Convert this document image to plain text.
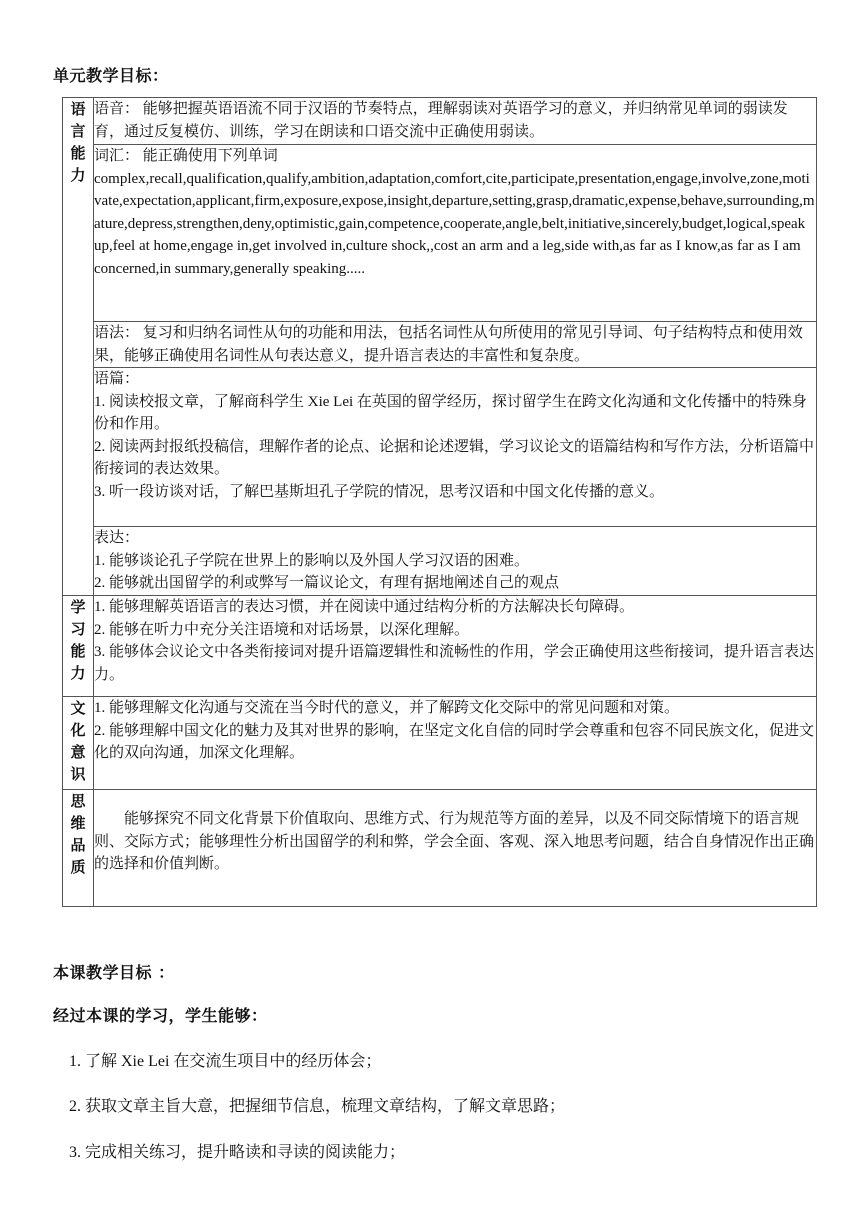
单元教学目标：
语
言
能
力	语音： 能够把握英语语流不同于汉语的节奏特点，理解弱读对英语学习的意义，并归纳常见单词的弱读发育，通过反复模仿、训练，学习在朗读和口语交流中正确使用弱读。

	词汇： 能正确使用下列单词
complex,recall,qualification,qualify,ambition,adaptation,comfort,cite,participate,presentation,engage,involve,zone,motivate,expectation,applicant,firm,exposure,expose,insight,departure,setting,grasp,dramatic,expense,behave,surrounding,mature,depress,strengthen,deny,optimistic,gain,competence,cooperate,angle,belt,initiative,sincerely,budget,logical,speak up,feel at home,engage in,get involved in,culture shock,,cost an arm and a leg,side with,as far as I know,as far as I am concerned,in summary,generally speaking.....

	语法： 复习和归纳名词性从句的功能和用法，包括名词性从句所使用的常见引导词、句子结构特点和使用效果，能够正确使用名词性从句表达意义，提升语言表达的丰富性和复杂度。

	语篇：
1. 阅读校报文章，了解商科学生 Xie Lei 在英国的留学经历，探讨留学生在跨文化沟通和文化传播中的特殊身份和作用。
2. 阅读两封报纸投稿信，理解作者的论点、论据和论述逻辑，学习议论文的语篇结构和写作方法，分析语篇中衔接词的表达效果。
3. 听一段访谈对话，了解巴基斯坦孔子学院的情况，思考汉语和中国文化传播的意义。

	表达：
1. 能够谈论孔子学院在世界上的影响以及外国人学习汉语的困难。
2. 能够就出国留学的利或弊写一篇议论文，有理有据地阐述自己的观点

学
习
能
力	1. 能够理解英语语言的表达习惯，并在阅读中通过结构分析的方法解决长句障碍。
2. 能够在听力中充分关注语境和对话场景，以深化理解。
3. 能够体会议论文中各类衔接词对提升语篇逻辑性和流畅性的作用，学会正确使用这些衔接词，提升语言表达力。

文
化
意
识	1. 能够理解文化沟通与交流在当今时代的意义，并了解跨文化交际中的常见问题和对策。
2. 能够理解中国文化的魅力及其对世界的影响，在坚定文化自信的同时学会尊重和包容不同民族文化，促进文化的双向沟通，加深文化理解。

思
维
品
质	能够探究不同文化背景下价值取向、思维方式、行为规范等方面的差异，以及不同交际情境下的语言规则、交际方式；能够理性分析出国留学的利和弊，学会全面、客观、深入地思考问题，结合自身情况作出正确的选择和价值判断。
本课教学目标 ：
经过本课的学习，学生能够：
1. 了解 Xie Lei 在交流生项目中的经历体会；
2. 获取文章主旨大意，把握细节信息，梳理文章结构，了解文章思路；
3. 完成相关练习，提升略读和寻读的阅读能力；
